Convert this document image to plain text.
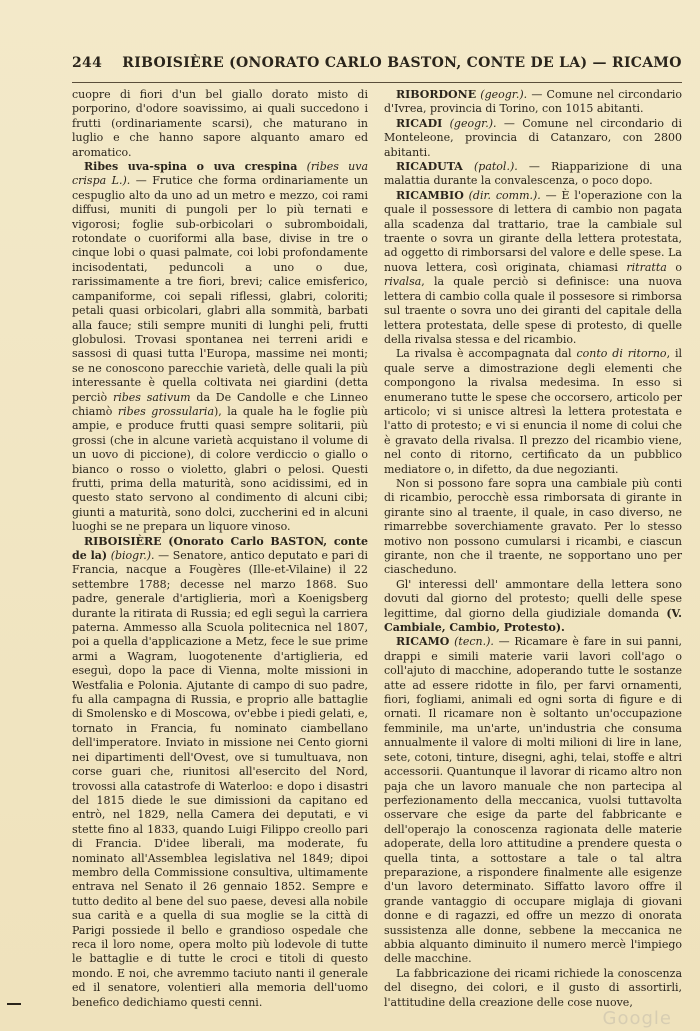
244	RIBOISIÈRE (ONORATO CARLO BASTON, CONTE DE LA) — RICAMO

cuopre di fiori d'un bel giallo dorato misto di porporino, d'odore soavissimo, ai quali succedono i frutti (ordinariamente scarsi), che maturano in luglio e che hanno sapore alquanto amaro ed aromatico.

Ribes uva-spina o uva crespina (ribes uva crispa L.). — Frutice che forma ordinariamente un cespuglio alto da uno ad un metro e mezzo, coi rami diffusi, muniti di pungoli per lo più ternati e vigorosi; foglie sub-orbicolari o subromboidali, rotondate o cuoriformi alla base, divise in tre o cinque lobi o quasi palmate, coi lobi profondamente incisodentati, peduncoli a uno o due, rarissimamente a tre fiori, brevi; calice emisferico, campaniforme, coi sepali riflessi, glabri, coloriti; petali quasi orbicolari, glabri alla sommità, barbati alla fauce; stili sempre muniti di lunghi peli, frutti globulosi. Trovasi spontanea nei terreni aridi e sassosi di quasi tutta l'Europa, massime nei monti; se ne conoscono parecchie varietà, delle quali la più interessante è quella coltivata nei giardini (detta perciò ribes sativum da De Candolle e che Linneo chiamò ribes grossularia), la quale ha le foglie più ampie, e produce frutti quasi sempre solitarii, più grossi (che in alcune varietà acquistano il volume di un uovo di piccione), di colore verdiccio o giallo o bianco o rosso o violetto, glabri o pelosi. Questi frutti, prima della maturità, sono acidissimi, ed in questo stato servono al condimento di alcuni cibi; giunti a maturità, sono dolci, zuccherini ed in alcuni luoghi se ne prepara un liquore vinoso.

RIBOISIÈRE (Onorato Carlo BASTON, conte de la) (biogr.). — Senatore, antico deputato e pari di Francia, nacque a Fougères (Ille-et-Vilaine) il 22 settembre 1788; decesse nel marzo 1868. Suo padre, generale d'artiglieria, morì a Koenigsberg durante la ritirata di Russia; ed egli seguì la carriera paterna. Ammesso alla Scuola politecnica nel 1807, poi a quella d'applicazione a Metz, fece le sue prime armi a Wagram, luogotenente d'artiglieria, ed eseguì, dopo la pace di Vienna, molte missioni in Westfalia e Polonia. Ajutante di campo di suo padre, fu alla campagna di Russia, e proprio alle battaglie di Smolensko e di Moscowa, ov'ebbe i piedi gelati, e, tornato in Francia, fu nominato ciambellano dell'imperatore. Inviato in missione nei Cento giorni nei dipartimenti dell'Ovest, ove si tumultuava, non corse guari che, riunitosi all'esercito del Nord, trovossi alla catastrofe di Waterloo: e dopo i disastri del 1815 diede le sue dimissioni da capitano ed entrò, nel 1829, nella Camera dei deputati, e vi stette fino al 1833, quando Luigi Filippo creollo pari di Francia. D'idee liberali, ma moderate, fu nominato all'Assemblea legislativa nel 1849; dipoi membro della Commissione consultiva, ultimamente entrava nel Senato il 26 gennaio 1852. Sempre e tutto dedito al bene del suo paese, devesi alla nobile sua carità e a quella di sua moglie se la città di Parigi possiede il bello e grandioso ospedale che reca il loro nome, opera molto più lodevole di tutte le battaglie e di tutte le croci e titoli di questo mondo. E noi, che avremmo taciuto nanti il generale ed il senatore, volentieri alla memoria dell'uomo benefico dedichiamo questi cenni.

RIBORDONE (geogr.). — Comune nel circondario d'Ivrea, provincia di Torino, con 1015 abitanti.

RICADI (geogr.). — Comune nel circondario di Monteleone, provincia di Catanzaro, con 2800 abitanti.

RICADUTA (patol.). — Riapparizione di una malattia durante la convalescenza, o poco dopo.

RICAMBIO (dir. comm.). — È l'operazione con la quale il possessore di lettera di cambio non pagata alla scadenza dal trattario, trae la cambiale sul traente o sovra un girante della lettera protestata, ad oggetto di rimborsarsi del valore e delle spese. La nuova lettera, così originata, chiamasi ritratta o rivalsa, la quale perciò si definisce: una nuova lettera di cambio colla quale il possesore si rimborsa sul traente o sovra uno dei giranti del capitale della lettera protestata, delle spese di protesto, di quelle della rivalsa stessa e del ricambio.

La rivalsa è accompagnata dal conto di ritorno, il quale serve a dimostrazione degli elementi che compongono la rivalsa medesima. In esso si enumerano tutte le spese che occorsero, articolo per articolo; vi si unisce altresì la lettera protestata e l'atto di protesto; e vi si enuncia il nome di colui che è gravato della rivalsa. Il prezzo del ricambio viene, nel conto di ritorno, certificato da un pubblico mediatore o, in difetto, da due negozianti.

Non si possono fare sopra una cambiale più conti di ricambio, perocchè essa rimborsata di girante in girante sino al traente, il quale, in caso diverso, ne rimarrebbe soverchiamente gravato. Per lo stesso motivo non possono cumularsi i ricambi, e ciascun girante, non che il traente, ne sopportano uno per ciascheduno.

Gl' interessi dell' ammontare della lettera sono dovuti dal giorno del protesto; quelli delle spese legittime, dal giorno della giudiziale domanda (V. Cambiale, Cambio, Protesto).

RICAMO (tecn.). — Ricamare è fare in sui panni, drappi e simili materie varii lavori coll'ago o coll'ajuto di macchine, adoperando tutte le sostanze atte ad essere ridotte in filo, per farvi ornamenti, fiori, fogliami, animali ed ogni sorta di figure e di ornati. Il ricamare non è soltanto un'occupazione femminile, ma un'arte, un'industria che consuma annualmente il valore di molti milioni di lire in lane, sete, cotoni, tinture, disegni, aghi, telai, stoffe e altri accessorii. Quantunque il lavorar di ricamo altro non paja che un lavoro manuale che non partecipa al perfezionamento della meccanica, vuolsi tuttavolta osservare che esige da parte del fabbricante e dell'operajo la conoscenza ragionata delle materie adoperate, della loro attitudine a prendere questa o quella tinta, a sottostare a tale o tal altra preparazione, a rispondere finalmente alle esigenze d'un lavoro determinato. Siffatto lavoro offre il grande vantaggio di occupare miglaja di giovani donne e di ragazzi, ed offre un mezzo di onorata sussistenza alle donne, sebbene la meccanica ne abbia alquanto diminuito il numero mercè l'impiego delle macchine.

La fabbricazione dei ricami richiede la conoscenza del disegno, dei colori, e il gusto di assortirli, l'attitudine della creazione delle cose nuove,

Google
